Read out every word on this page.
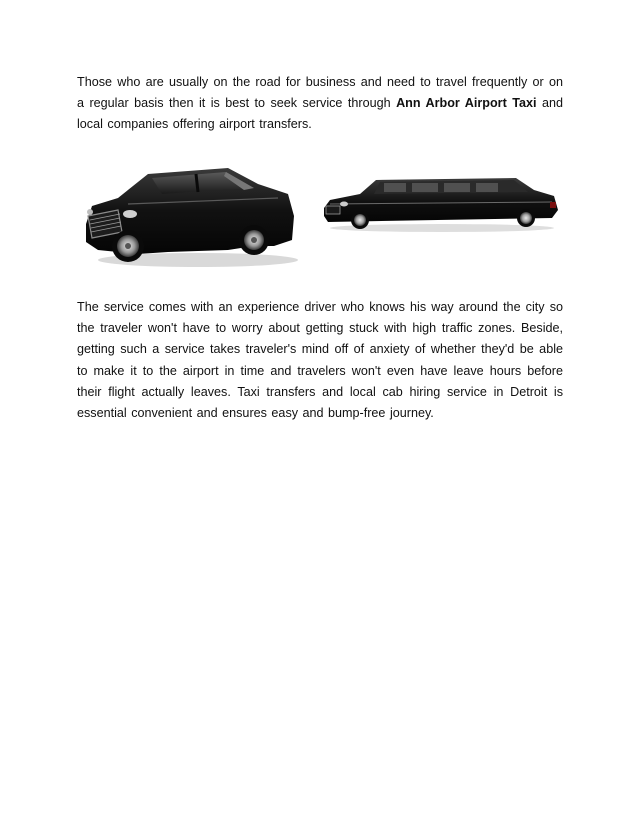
Those who are usually on the road for business and need to travel frequently or on a regular basis then it is best to seek service through Ann Arbor Airport Taxi and local companies offering airport transfers.

The service comes with an experience driver who knows his way around the city so the traveler won't have to worry about getting stuck with high traffic zones. Beside, getting such a service takes traveler's mind off of anxiety of whether they'd be able to make it to the airport in time and travelers won't even have leave hours before their flight actually leaves. Taxi transfers and local cab hiring service in Detroit is essential convenient and ensures easy and bump-free journey.
